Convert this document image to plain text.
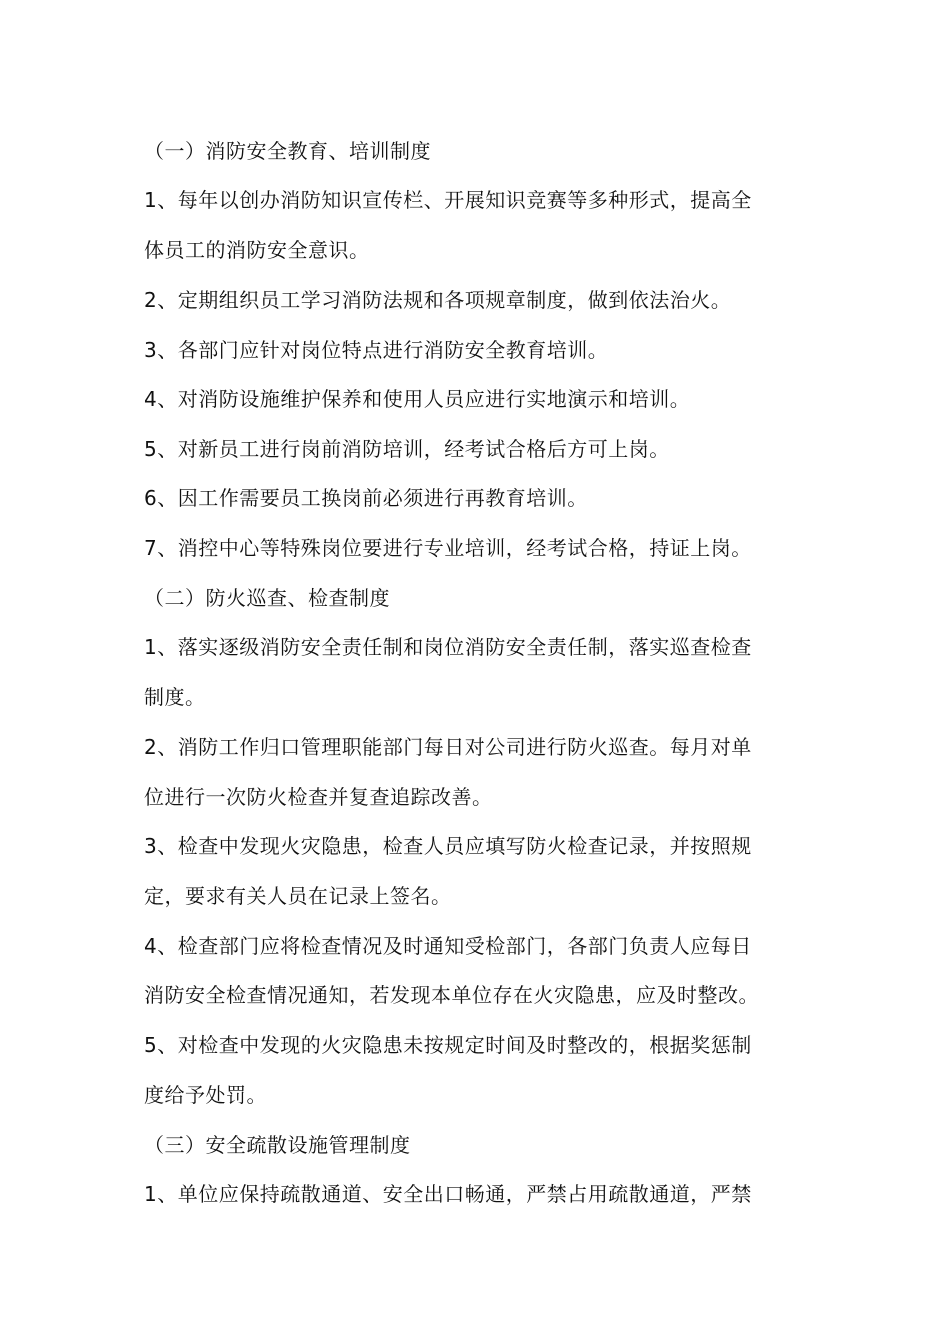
（一）消防安全教育、培训制度
1、每年以创办消防知识宣传栏、开展知识竞赛等多种形式，提高全
体员工的消防安全意识。
2、定期组织员工学习消防法规和各项规章制度，做到依法治火。
3、各部门应针对岗位特点进行消防安全教育培训。
4、对消防设施维护保养和使用人员应进行实地演示和培训。
5、对新员工进行岗前消防培训，经考试合格后方可上岗。
6、因工作需要员工换岗前必须进行再教育培训。
7、消控中心等特殊岗位要进行专业培训，经考试合格，持证上岗。
（二）防火巡查、检查制度
1、落实逐级消防安全责任制和岗位消防安全责任制，落实巡查检查
制度。
2、消防工作归口管理职能部门每日对公司进行防火巡查。每月对单
位进行一次防火检查并复查追踪改善。
3、检查中发现火灾隐患，检查人员应填写防火检查记录，并按照规
定，要求有关人员在记录上签名。
4、检查部门应将检查情况及时通知受检部门，各部门负责人应每日
消防安全检查情况通知，若发现本单位存在火灾隐患，应及时整改。
5、对检查中发现的火灾隐患未按规定时间及时整改的，根据奖惩制
度给予处罚。
（三）安全疏散设施管理制度
1、单位应保持疏散通道、安全出口畅通，严禁占用疏散通道，严禁
